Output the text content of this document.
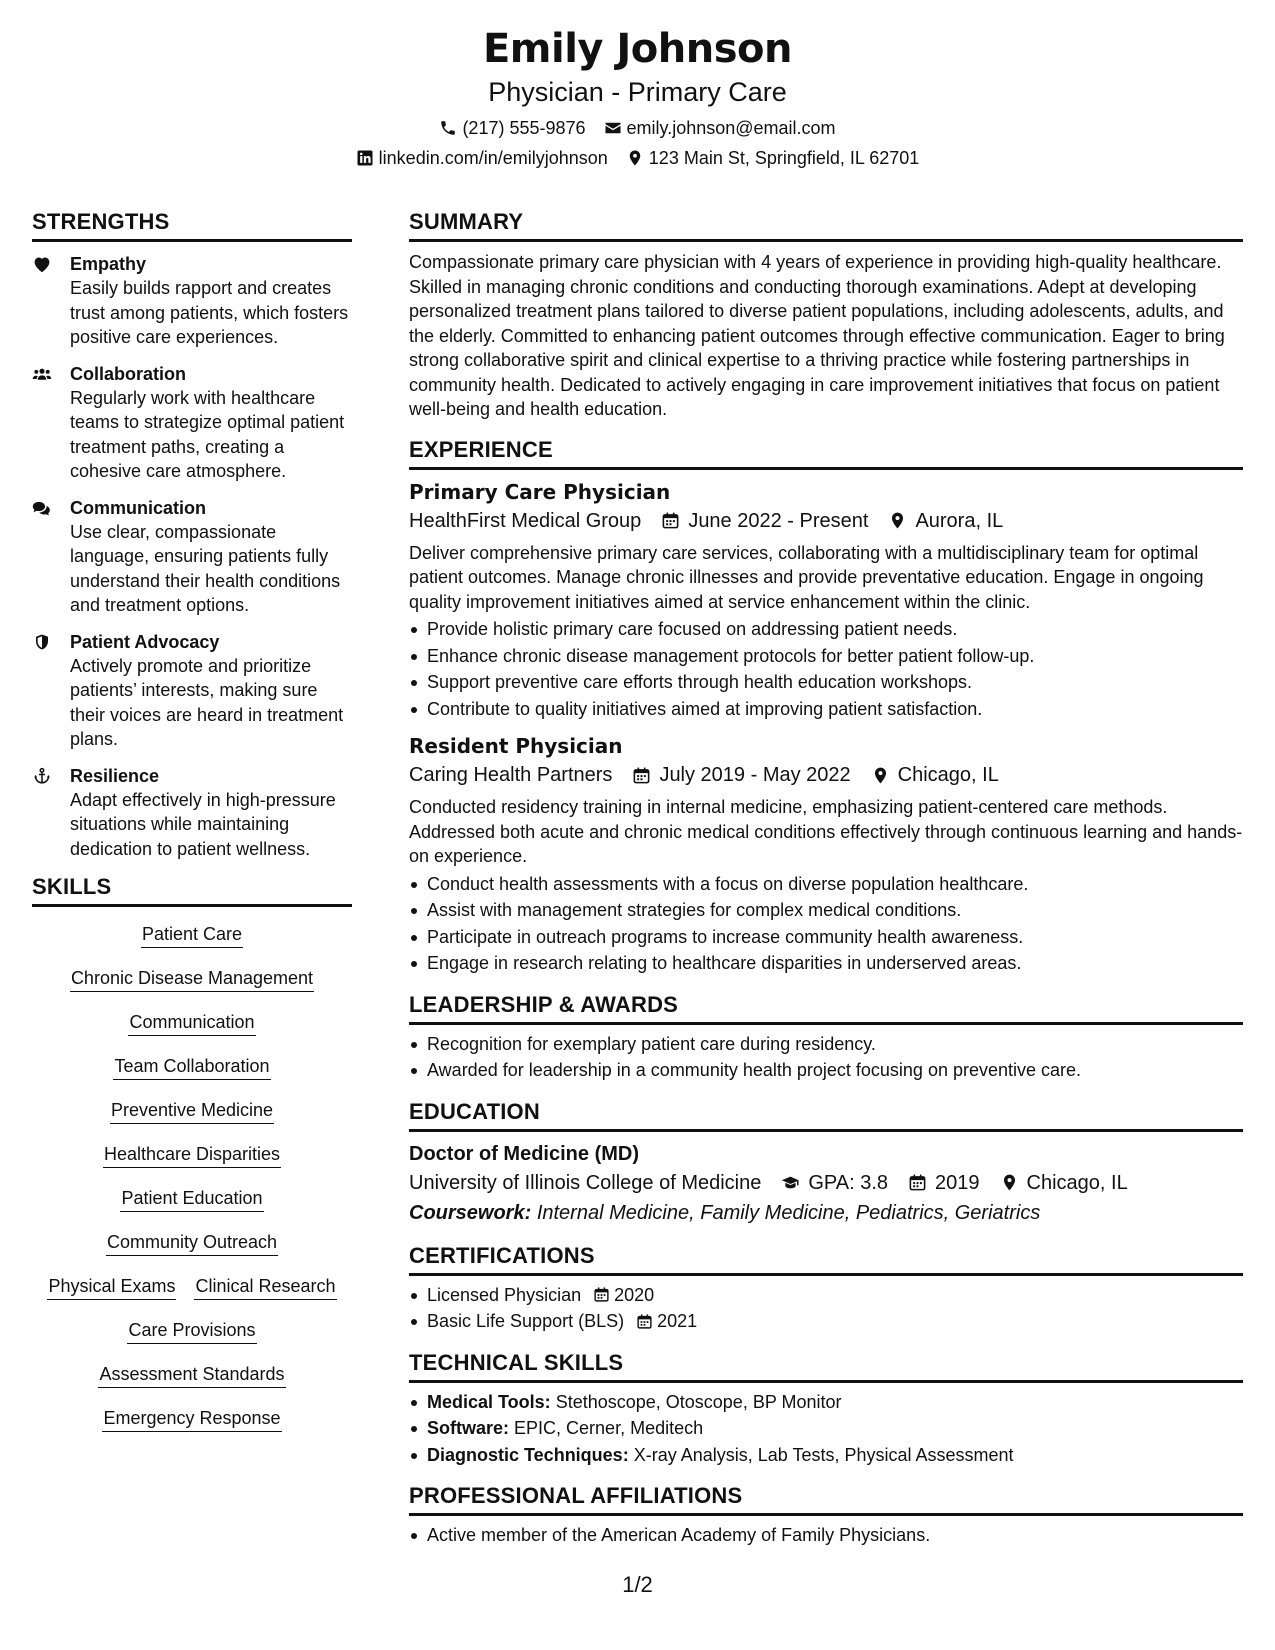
Emily Johnson
Physician - Primary Care
(217) 555-9876 emily.johnson@email.com
linkedin.com/in/emilyjohnson 123 Main St, Springfield, IL 62701
STRENGTHS
Empathy
Easily builds rapport and creates trust among patients, which fosters positive care experiences.
Collaboration
Regularly work with healthcare teams to strategize optimal patient treatment paths, creating a cohesive care atmosphere.
Communication
Use clear, compassionate language, ensuring patients fully understand their health conditions and treatment options.
Patient Advocacy
Actively promote and prioritize patients’ interests, making sure their voices are heard in treatment plans.
Resilience
Adapt effectively in high-pressure situations while maintaining dedication to patient wellness.
SKILLS
Patient Care
Chronic Disease Management
Communication
Team Collaboration
Preventive Medicine
Healthcare Disparities
Patient Education
Community Outreach
Physical Exams Clinical Research
Care Provisions
Assessment Standards
Emergency Response
SUMMARY
Compassionate primary care physician with 4 years of experience in providing high-quality healthcare. Skilled in managing chronic conditions and conducting thorough examinations. Adept at developing personalized treatment plans tailored to diverse patient populations, including adolescents, adults, and the elderly. Committed to enhancing patient outcomes through effective communication. Eager to bring strong collaborative spirit and clinical expertise to a thriving practice while fostering partnerships in community health. Dedicated to actively engaging in care improvement initiatives that focus on patient well-being and health education.
EXPERIENCE
Primary Care Physician
HealthFirst Medical Group June 2022 - Present Aurora, IL
Deliver comprehensive primary care services, collaborating with a multidisciplinary team for optimal patient outcomes. Manage chronic illnesses and provide preventative education. Engage in ongoing quality improvement initiatives aimed at service enhancement within the clinic.
Provide holistic primary care focused on addressing patient needs.
Enhance chronic disease management protocols for better patient follow-up.
Support preventive care efforts through health education workshops.
Contribute to quality initiatives aimed at improving patient satisfaction.
Resident Physician
Caring Health Partners July 2019 - May 2022 Chicago, IL
Conducted residency training in internal medicine, emphasizing patient-centered care methods. Addressed both acute and chronic medical conditions effectively through continuous learning and hands-on experience.
Conduct health assessments with a focus on diverse population healthcare.
Assist with management strategies for complex medical conditions.
Participate in outreach programs to increase community health awareness.
Engage in research relating to healthcare disparities in underserved areas.
LEADERSHIP & AWARDS
Recognition for exemplary patient care during residency.
Awarded for leadership in a community health project focusing on preventive care.
EDUCATION
Doctor of Medicine (MD)
University of Illinois College of Medicine GPA: 3.8 2019 Chicago, IL
Coursework: Internal Medicine, Family Medicine, Pediatrics, Geriatrics
CERTIFICATIONS
Licensed Physician 2020
Basic Life Support (BLS) 2021
TECHNICAL SKILLS
Medical Tools: Stethoscope, Otoscope, BP Monitor
Software: EPIC, Cerner, Meditech
Diagnostic Techniques: X-ray Analysis, Lab Tests, Physical Assessment
PROFESSIONAL AFFILIATIONS
Active member of the American Academy of Family Physicians.
1/2
